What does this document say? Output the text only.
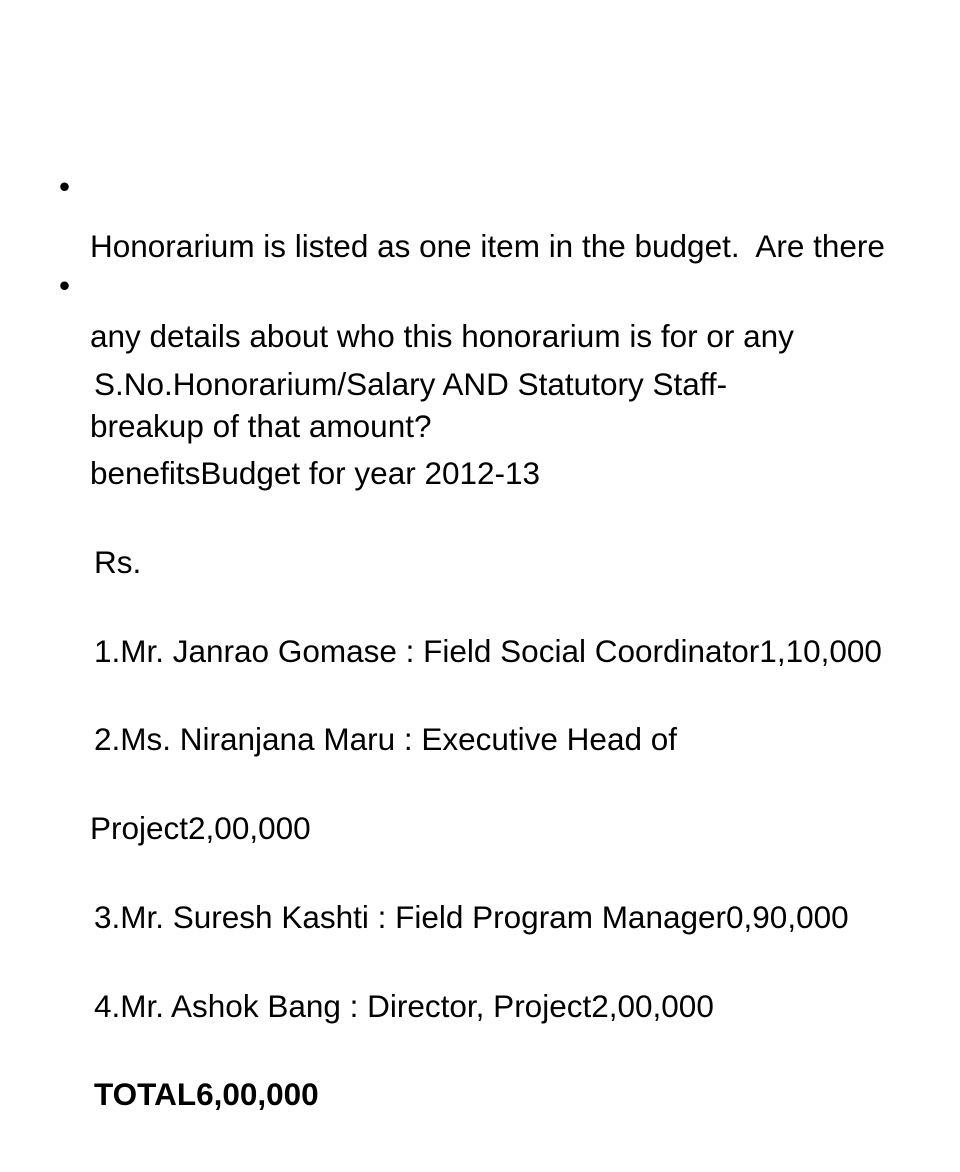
•

Honorarium is listed as one item in the budget.  Are there

any details about who this honorarium is for or any

breakup of that amount?

•

S.No.Honorarium/Salary AND Statutory Staff-

benefitsBudget for year 2012-13

Rs.

1.Mr. Janrao Gomase : Field Social Coordinator1,10,000

2.Ms. Niranjana Maru : Executive Head of

Project2,00,000

3.Mr. Suresh Kashti : Field Program Manager0,90,000

4.Mr. Ashok Bang : Director, Project2,00,000

TOTAL6,00,000
